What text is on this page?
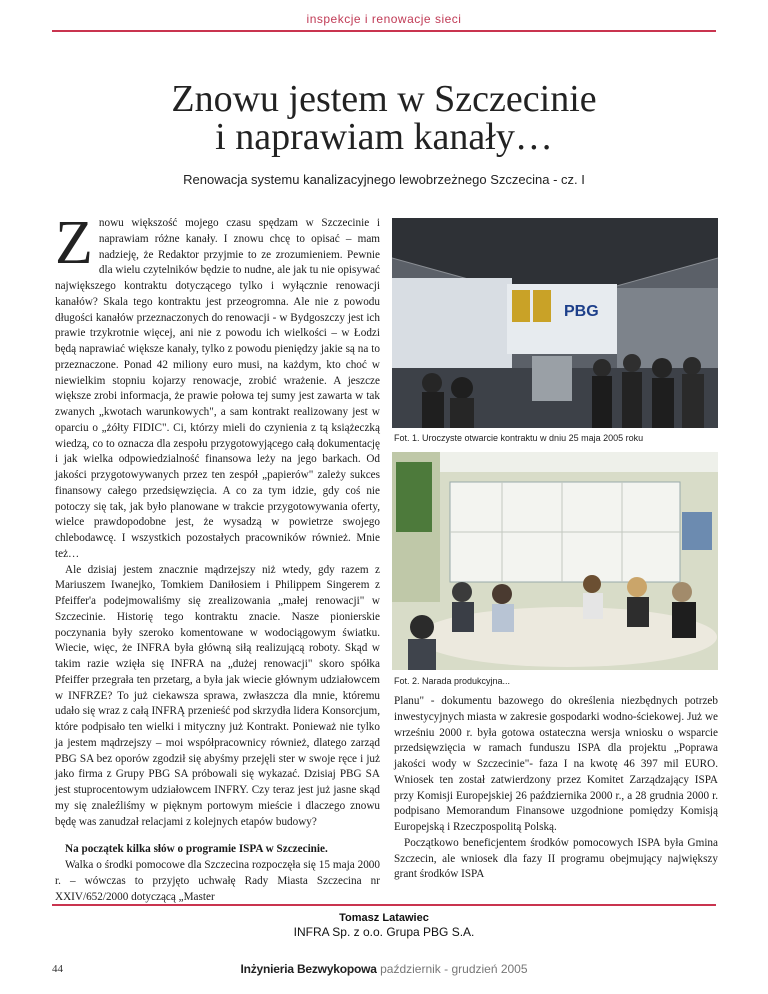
inspekcje i renowacje sieci
Znowu jestem w Szczecinie
i naprawiam kanały…
Renowacja systemu kanalizacyjnego lewobrzeżnego Szczecina - cz. I

Znowu większość mojego czasu spędzam w Szczecinie i naprawiam różne kanały. I znowu chcę to opisać – mam nadzieję, że Redaktor przyjmie to ze zrozumieniem. Pewnie dla wielu czytelników będzie to nudne, ale jak tu nie opisywać największego kontraktu dotyczącego tylko i wyłącznie renowacji kanałów? Skala tego kontraktu jest przeogromna. Ale nie z powodu długości kanałów przeznaczonych do renowacji - w Bydgoszczy jest ich prawie trzykrotnie więcej, ani nie z powodu ich wielkości – w Łodzi będą naprawiać większe kanały, tylko z powodu pieniędzy jakie są na to przeznaczone. Ponad 42 miliony euro musi, na każdym, kto choć w niewielkim stopniu kojarzy renowacje, zrobić wrażenie. A jeszcze większe zrobi informacja, że prawie połowa tej sumy jest zawarta w tak zwanych „kwotach warunkowych", a sam kontrakt realizowany jest w oparciu o „żółty FIDIC". Ci, którzy mieli do czynienia z tą książeczką wiedzą, co to oznacza dla zespołu przygotowyjącego całą dokumentację i jak wielka odpowiedzialność finansowa leży na jego barkach. Od jakości przygotowywanych przez ten zespół „papierów" zależy sukces finansowy całego przedsięwzięcia. A co za tym idzie, gdy coś nie potoczy się tak, jak było planowane w trakcie przygotowywania oferty, wielce prawdopodobne jest, że wysadzą w powietrze swojego chlebodawcę. I wszystkich pozostałych pracowników również. Mnie też…

Ale dzisiaj jestem znacznie mądrzejszy niż wtedy, gdy razem z Mariuszem Iwanejko, Tomkiem Daniłosiem i Philippem Singerem z Pfeiffer'a podejmowaliśmy się zrealizowania „małej renowacji" w Szczecinie. Historię tego kontraktu znacie. Nasze pionierskie poczynania były szeroko komentowane w wodociągowym światku. Wiecie, więc, że INFRA była główną siłą realizującą roboty. Skąd w takim razie wzięła się INFRA na „dużej renowacji" skoro spółka Pfeiffer przegrała ten przetarg, a była jak wiecie głównym udziałowcem w INFRZE? To już ciekawsza sprawa, zwłaszcza dla mnie, któremu udało się wraz z całą INFRĄ przenieść pod skrzydła lidera Konsorcjum, które podpisało ten wielki i mityczny już Kontrakt. Ponieważ nie tylko ja jestem mądrzejszy – moi współpracownicy również, dlatego zarząd PBG SA bez oporów zgodził się abyśmy przejęli ster w swoje ręce i już jako firma z Grupy PBG SA próbowali się wykazać. Dzisiaj PBG SA jest stuprocentowym udziałowcem INFRY. Czy teraz jest już jasne skąd my się znaleźliśmy w pięknym portowym mieście i dlaczego znowu będę was zanudzał relacjami z kolejnych etapów budowy?

Na początek kilka słów o programie ISPA w Szczecinie.

Walka o środki pomocowe dla Szczecina rozpoczęła się 15 maja 2000 r. – wówczas to przyjęto uchwałę Rady Miasta Szczecina nr XXIV/652/2000 dotyczącą „Master

PBG
Fot. 1. Uroczyste otwarcie kontraktu w dniu 25 maja 2005 roku
Fot. 2. Narada produkcyjna...

Planu" - dokumentu bazowego do określenia niezbędnych potrzeb inwestycyjnych miasta w zakresie gospodarki wodno-ściekowej. Już we wrześniu 2000 r. była gotowa ostateczna wersja wniosku o wsparcie przedsięwzięcia w ramach funduszu ISPA dla projektu „Poprawa jakości wody w Szczecinie"- faza I na kwotę 46 397 mil EURO. Wniosek ten został zatwierdzony przez Komitet Zarządzający ISPA przy Komisji Europejskiej 26 października 2000 r., a 28 grudnia 2000 r. podpisano Memorandum Finansowe uzgodnione pomiędzy Komisją Europejską i Rzeczpospolitą Polską.

Początkowo beneficjentem środków pomocowych ISPA była Gmina Szczecin, ale wniosek dla fazy II programu obejmujący największy grant środków ISPA

Tomasz Latawiec
INFRA Sp. z o.o. Grupa PBG S.A.
44	Inżynieria Bezwykopowa październik - grudzień 2005
